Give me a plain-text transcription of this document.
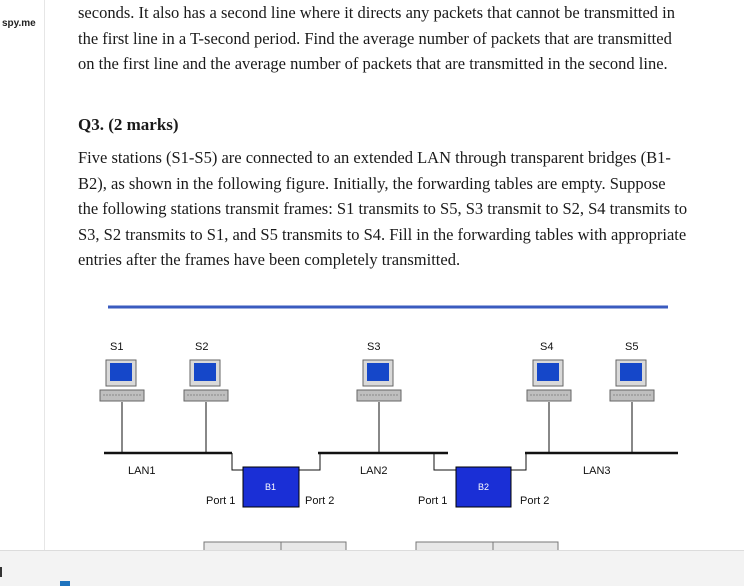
spy.me
seconds. It also has a second line where it directs any packets that cannot be transmitted in the first line in a T-second period. Find the average number of packets that are transmitted on the first line and the average number of packets that are transmitted in the second line.
Q3. (2 marks)
Five stations (S1-S5) are connected to an extended LAN through transparent bridges (B1-B2), as shown in the following figure. Initially, the forwarding tables are empty. Suppose the following stations transmit frames: S1 transmits to S5, S3 transmit to S2, S4 transmits to S3, S2 transmits to S1, and S5 transmits to S4. Fill in the forwarding tables with appropriate entries after the frames have been completely transmitted.
S1	S2	S3	S4	S5
LAN1	LAN2	LAN3
B1	B2
Port 1	Port 2	Port 1	Port 2
